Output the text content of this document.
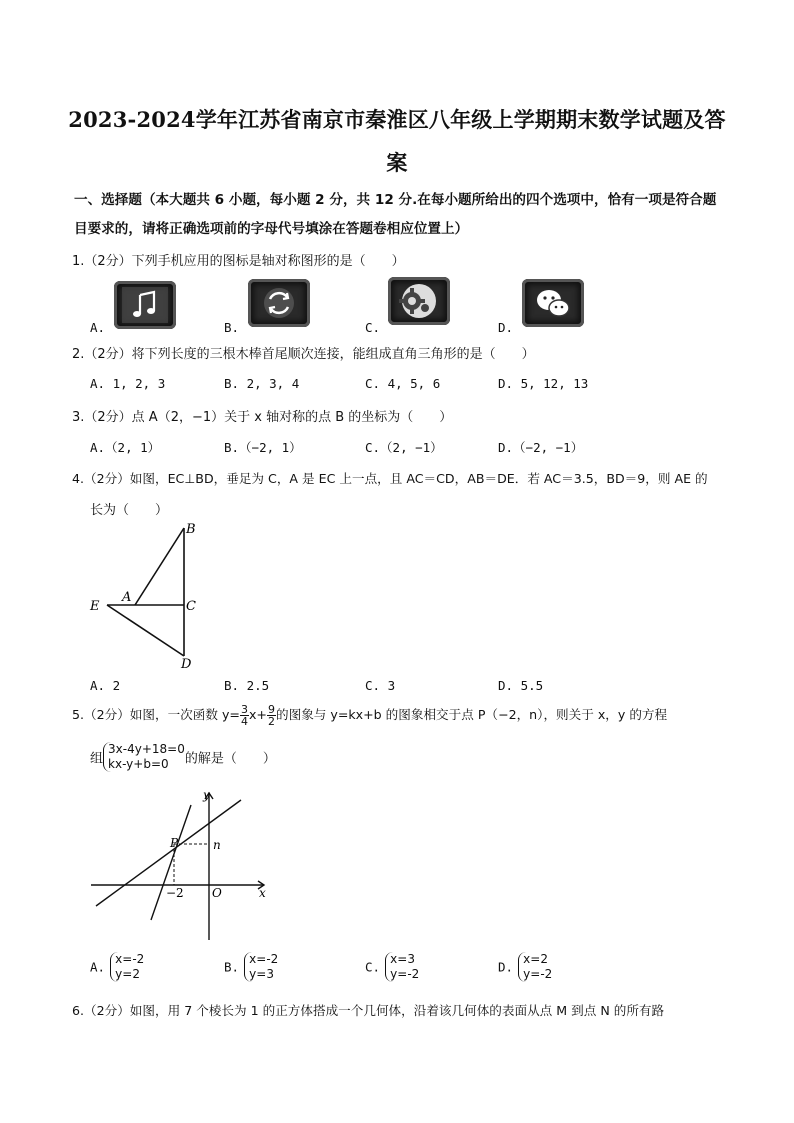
2023-2024学年江苏省南京市秦淮区八年级上学期期末数学试题及答
案
一、选择题（本大题共 6 小题，每小题 2 分，共 12 分.在每小题所给出的四个选项中，恰有一项是符合题
目要求的，请将正确选项前的字母代号填涂在答题卷相应位置上）
1.（2分）下列手机应用的图标是轴对称图形的是（　　）
A.	B.	C.	D.
2.（2分）将下列长度的三根木棒首尾顺次连接，能组成直角三角形的是（　　）
A. 1, 2, 3	B. 2, 3, 4	C. 4, 5, 6	D. 5, 12, 13
3.（2分）点 A（2，−1）关于 x 轴对称的点 B 的坐标为（　　）
A.（2, 1）	B.（−2, 1）	C.（2, −1）	D.（−2, −1）
4.（2分）如图，EC⊥BD，垂足为 C，A 是 EC 上一点，且 AC＝CD，AB＝DE．若 AC＝3.5，BD＝9，则 AE 的
长为（　　）
B
A
E	C
D
A. 2	B. 2.5	C. 3	D. 5.5
5.（2分）如图，一次函数 $y= \frac{3}{4} x+ \frac{9}{2}$ 的图象与 y=kx+b 的图象相交于点 P（−2，n），则关于 x，y 的方程
组
3x-4y+18=0
kx-y+b=0	的解是（　　）
y
x
P	n
−2 O
A.
x=-2
y=2	B.
x=-2
y=3	C.
x=3
y=-2	D.
x=2
y=-2
6.（2分）如图，用 7 个棱长为 1 的正方体搭成一个几何体，沿着该几何体的表面从点 M 到点 N 的所有路
